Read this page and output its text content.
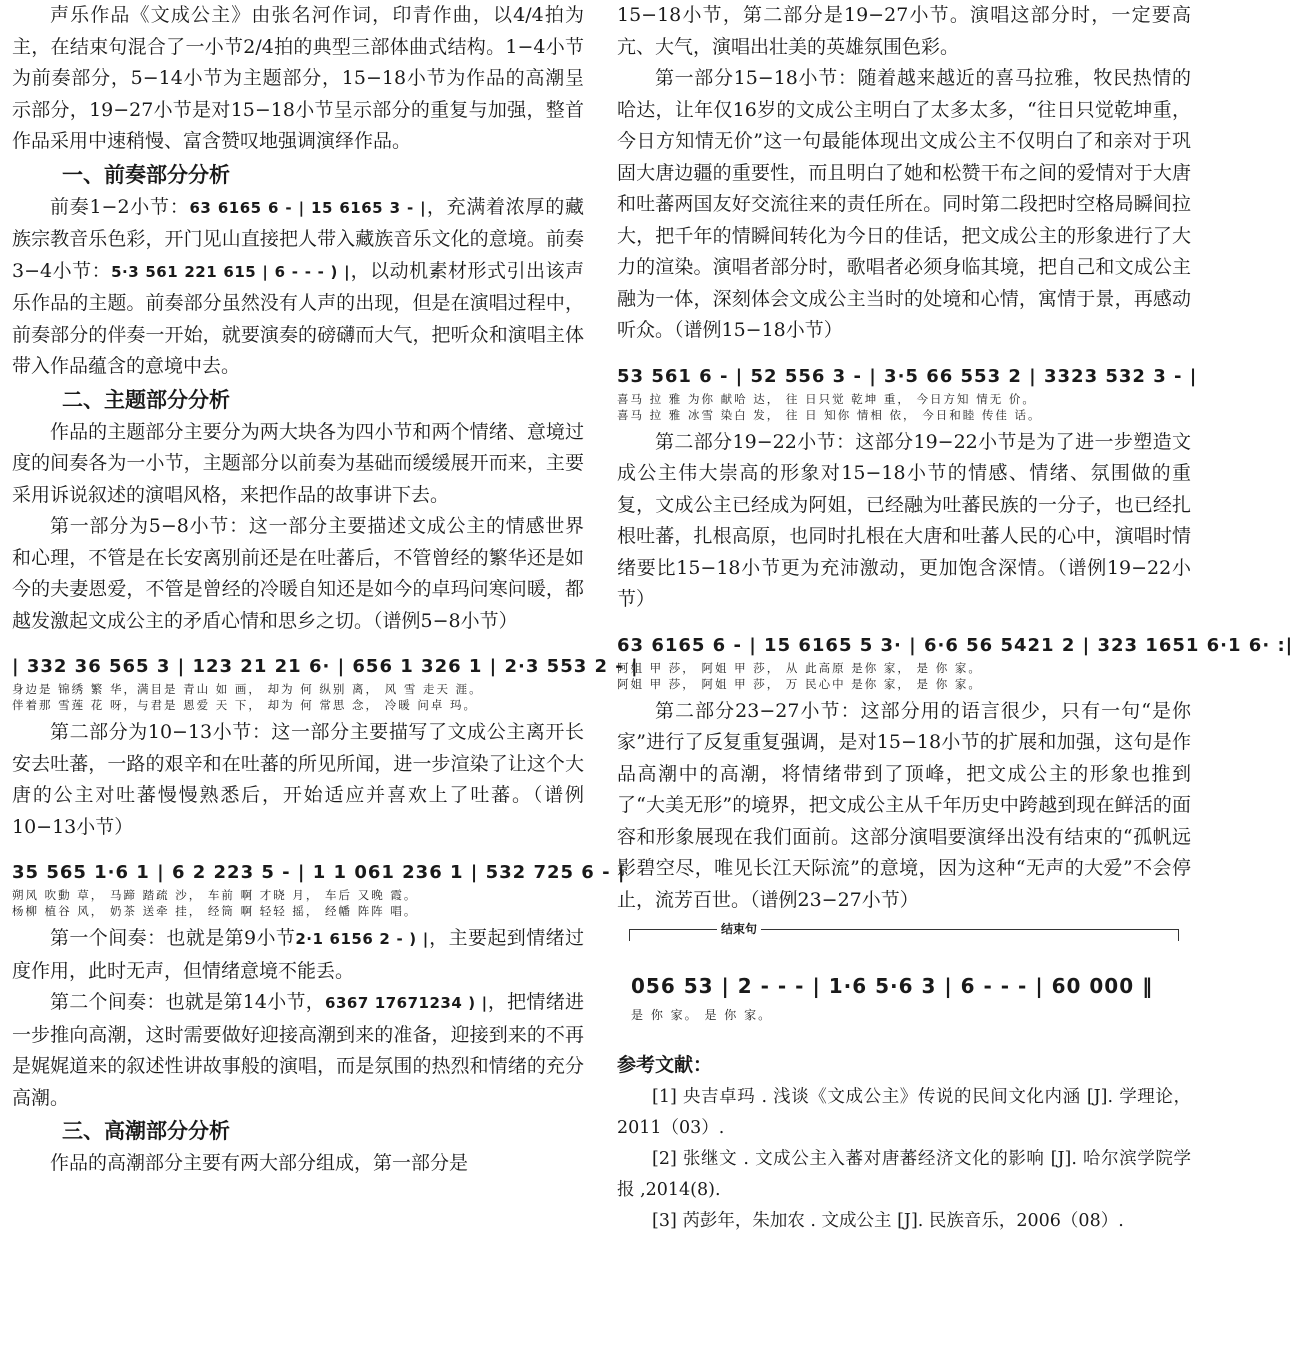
声乐作品《文成公主》由张名河作词，印青作曲，以4/4拍为主，在结束句混合了一小节2/4拍的典型三部体曲式结构。1−4小节为前奏部分，5−14小节为主题部分，15−18小节为作品的高潮呈示部分，19−27小节是对15−18小节呈示部分的重复与加强，整首作品采用中速稍慢、富含赞叹地强调演绎作品。

一、前奏部分分析

前奏1−2小节：63 6165 6 - | 15 6165 3 - |，充满着浓厚的藏族宗教音乐色彩，开门见山直接把人带入藏族音乐文化的意境。前奏3−4小节：5·3 561 221 615 | 6 - - - ) |，以动机素材形式引出该声乐作品的主题。前奏部分虽然没有人声的出现，但是在演唱过程中，前奏部分的伴奏一开始，就要演奏的磅礴而大气，把听众和演唱主体带入作品蕴含的意境中去。

二、主题部分分析

作品的主题部分主要分为两大块各为四小节和两个情绪、意境过度的间奏各为一小节，主题部分以前奏为基础而缓缓展开而来，主要采用诉说叙述的演唱风格，来把作品的故事讲下去。

第一部分为5−8小节：这一部分主要描述文成公主的情感世界和心理，不管是在长安离别前还是在吐蕃后，不管曾经的繁华还是如今的夫妻恩爱，不管是曾经的冷暖自知还是如今的卓玛问寒问暖，都越发激起文成公主的矛盾心情和思乡之切。（谱例5−8小节）

| 332 36 565 3 | 123 21 21 6· | 656 1 326 1 | 2·3 553 2 - |
身边是 锦绣 繁 华，满目是 青山 如 画， 却为 何 纵别 离， 风 雪 走天 涯。
伴着那 雪莲 花 呀，与君是 恩爱 天 下， 却为 何 常思 念， 冷暖 问卓 玛。

第二部分为10−13小节：这一部分主要描写了文成公主离开长安去吐蕃，一路的艰辛和在吐蕃的所见所闻，进一步渲染了让这个大唐的公主对吐蕃慢慢熟悉后，开始适应并喜欢上了吐蕃。（谱例10−13小节）

35 565 1·6 1 | 6 2 223 5 - | 1 1 061 236 1 | 532 725 6 - |
朔风 吹動 草， 马蹄 踏疏 沙， 车前 啊 才晓 月， 车后 又晚 霞。
杨柳 植谷 风， 奶茶 送牵 挂， 经筒 啊 轻轻 摇， 经幡 阵阵 唱。

第一个间奏：也就是第9小节2·1 6156 2 - ) |，主要起到情绪过度作用，此时无声，但情绪意境不能丢。

第二个间奏：也就是第14小节，6367 17671234 ) |，把情绪进一步推向高潮，这时需要做好迎接高潮到来的准备，迎接到来的不再是娓娓道来的叙述性讲故事般的演唱，而是氛围的热烈和情绪的充分高潮。

三、高潮部分分析

作品的高潮部分主要有两大部分组成，第一部分是

15−18小节，第二部分是19−27小节。演唱这部分时，一定要高亢、大气，演唱出壮美的英雄氛围色彩。

第一部分15−18小节：随着越来越近的喜马拉雅，牧民热情的哈达，让年仅16岁的文成公主明白了太多太多，“往日只觉乾坤重，今日方知情无价”这一句最能体现出文成公主不仅明白了和亲对于巩固大唐边疆的重要性，而且明白了她和松赞干布之间的爱情对于大唐和吐蕃两国友好交流往来的责任所在。同时第二段把时空格局瞬间拉大，把千年的情瞬间转化为今日的佳话，把文成公主的形象进行了大力的渲染。演唱者部分时，歌唱者必须身临其境，把自己和文成公主融为一体，深刻体会文成公主当时的处境和心情，寓情于景，再感动听众。（谱例15−18小节）

53 561 6 - | 52 556 3 - | 3·5 66 553 2 | 3323 532 3 - |
喜马 拉 雅 为你 献哈 达， 往 日只觉 乾坤 重， 今日方知 情无 价。
喜马 拉 雅 冰雪 染白 发， 往 日 知你 情相 依， 今日和睦 传佳 话。

第二部分19−22小节：这部分19−22小节是为了进一步塑造文成公主伟大崇高的形象对15−18小节的情感、情绪、氛围做的重复，文成公主已经成为阿姐，已经融为吐蕃民族的一分子，也已经扎根吐蕃，扎根高原，也同时扎根在大唐和吐蕃人民的心中，演唱时情绪要比15−18小节更为充沛激动，更加饱含深情。（谱例19−22小节）

63 6165 6 - | 15 6165 5 3· | 6·6 56 5421 2 | 323 1651 6·1 6· :|
阿姐 甲 莎， 阿姐 甲 莎， 从 此高原 是你 家， 是 你 家。
阿姐 甲 莎， 阿姐 甲 莎， 万 民心中 是你 家， 是 你 家。

第二部分23−27小节：这部分用的语言很少，只有一句“是你家”进行了反复重复强调，是对15−18小节的扩展和加强，这句是作品高潮中的高潮，将情绪带到了顶峰，把文成公主的形象也推到了“大美无形”的境界，把文成公主从千年历史中跨越到现在鲜活的面容和形象展现在我们面前。这部分演唱要演绎出没有结束的“孤帆远影碧空尽，唯见长江天际流”的意境，因为这种“无声的大爱”不会停止，流芳百世。（谱例23−27小节）

结束句
056 53 | 2 - - - | 1·6 5·6 3 | 6 - - - | 60 000 ‖
是 你 家。 是 你 家。
参考文献：

[1] 央吉卓玛 . 浅谈《文成公主》传说的民间文化内涵 [J]. 学理论，2011（03）.

[2] 张继文 . 文成公主入蕃对唐蕃经济文化的影响 [J]. 哈尔滨学院学报 ,2014(8).

[3] 芮彭年，朱加农 . 文成公主 [J]. 民族音乐，2006（08）.
